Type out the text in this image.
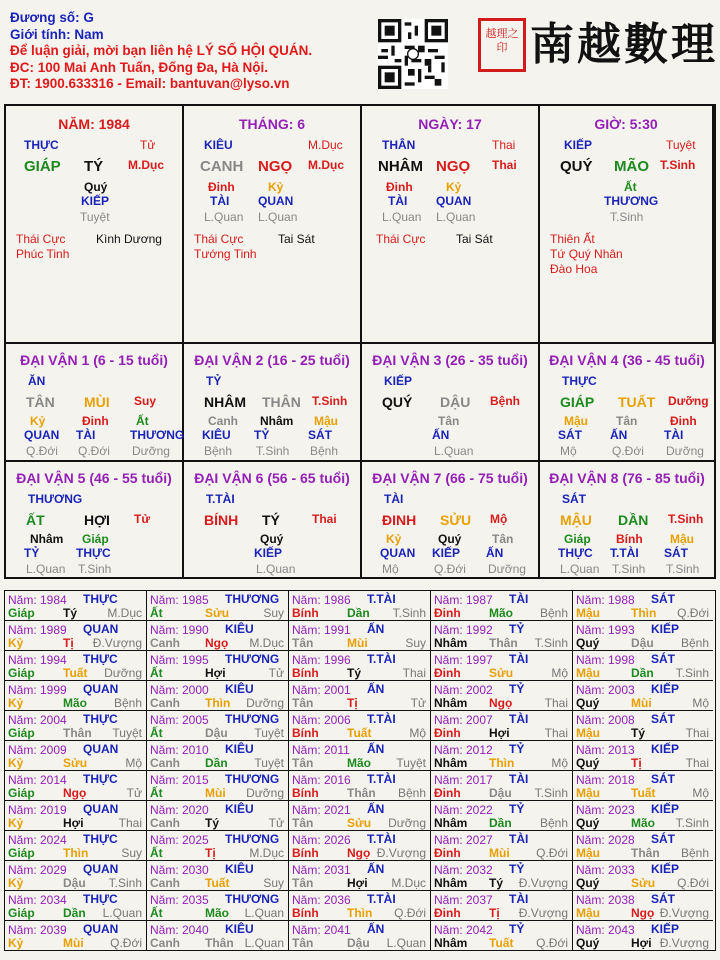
Đương số: G
Giới tính: Nam
Để luận giải, mời bạn liên hệ LÝ SỐ HỘI QUÁN.
ĐC: 100 Mai Anh Tuấn, Đống Đa, Hà Nội.
ĐT: 1900.633316 - Email: bantuvan@lyso.vn
越理之印 南越數理
NĂM: 1984
THỰC	Tử
GIÁP TÝ M.Dục
Quý
KIẾP
Tuyệt
Thái Cực
Phúc Tinh
Kình Dương
THÁNG: 6
KIÊU	M.Dục
CANH NGỌ M.Dục
Đinh	Kỷ
TÀI QUAN
L.Quan L.Quan
Thái Cực
Tướng Tinh
Tai Sát
NGÀY: 17
THÂN	Thai
NHÂM NGỌ Thai
Đinh	Kỷ
TÀI QUAN
L.Quan L.Quan
Thái Cực	Tai Sát
GIỜ: 5:30
KIẾP	Tuyệt
QUÝ MÃO T.Sinh
Ất
THƯƠNG
T.Sinh
Thiên Ất
Tứ Quý Nhân
Đào Hoa
ĐẠI VẬN 1 (6 - 15 tuổi)
ĂN
TÂN MÙI Suy
Kỷ
QUAN
Q.Đới
Đinh
TÀI
Q.Đới
Ất
THƯƠNG
Dưỡng
ĐẠI VẬN 2 (16 - 25 tuổi)
TỶ
NHÂM THÂN T.Sinh
Canh
KIÊU
Bệnh
Nhâm
TỶ
T.Sinh
Mậu
SÁT
Bệnh
ĐẠI VẬN 3 (26 - 35 tuổi)
KIẾP
QUÝ DẬU Bệnh
Tân
ẤN
L.Quan
ĐẠI VẬN 4 (36 - 45 tuổi)
THỰC
GIÁP TUẤT Dưỡng
Mậu
SÁT
Mộ
Tân
ẤN
Q.Đới
Đinh
TÀI
Dưỡng
ĐẠI VẬN 5 (46 - 55 tuổi)
THƯƠNG
ẤT	HỢI Tử
Nhâm
TỶ
L.Quan
Giáp
THỰC
T.Sinh
ĐẠI VẬN 6 (56 - 65 tuổi)
T.TÀI
BÍNH TÝ	Thai
Quý
KIẾP
L.Quan
ĐẠI VẬN 7 (66 - 75 tuổi)
TÀI
ĐINH SỬU Mộ
Kỷ
QUAN
Mộ
Quý
KIẾP
Q.Đới
Tân
ẤN
Dưỡng
ĐẠI VẬN 8 (76 - 85 tuổi)
SÁT
MẬU DẦN T.Sinh
Giáp
THỰC
L.Quan
Bính
T.TÀI
T.Sinh
Mậu
SÁT
T.Sinh
Năm: 1984 THỰC
Giáp Tý	M.Dục
Năm: 1985 THƯƠNG
Ất	Sửu	Suy
Năm: 1986 T.TÀI
Bính Dần T.Sinh
Năm: 1987 TÀI
Đinh Mão Bệnh
Năm: 1988 SÁT
Mậu	Thìn Q.Đới
Năm: 1989 QUAN
Kỷ	Tị Đ.Vượng
Năm: 1990 KIÊU
Canh Ngọ M.Dục
Năm: 1991 ẤN
Tân	Mùi	Suy
Năm: 1992 TỶ
Nhâm Thân T.Sinh
Năm: 1993 KIẾP
Quý	Dậu Bệnh
Năm: 1994 THỰC
Giáp Tuất Dưỡng
Năm: 1995 THƯƠNG
Ất	Hợi	Tử
Năm: 1996 T.TÀI
Bính Tý	Thai
Năm: 1997 TÀI
Đinh Sửu	Mộ
Năm: 1998 SÁT
Mậu	Dần T.Sinh
Năm: 1999 QUAN
Kỷ	Mão Bệnh
Năm: 2000 KIÊU
Canh Thìn Dưỡng
Năm: 2001 ẤN
Tân	Tị	Tử
Năm: 2002 TỶ
Nhâm Ngọ	Thai
Năm: 2003 KIẾP
Quý	Mùi	Mộ
Năm: 2004 THỰC
Giáp Thân Tuyệt
Năm: 2005 THƯƠNG
Ất	Dậu Tuyệt
Năm: 2006 T.TÀI
Bính Tuất	Mộ
Năm: 2007 TÀI
Đinh Hợi	Thai
Năm: 2008 SÁT
Mậu	Tý	Thai
Năm: 2009 QUAN
Kỷ	Sửu	Mộ
Năm: 2010 KIÊU
Canh Dần Tuyệt
Năm: 2011 ẤN
Tân	Mão Tuyệt
Năm: 2012 TỶ
Nhâm Thìn	Mộ
Năm: 2013 KIẾP
Quý	Tị	Thai
Năm: 2014 THỰC
Giáp Ngọ	Tử
Năm: 2015 THƯƠNG
Ất	Mùi Dưỡng
Năm: 2016 T.TÀI
Bính Thân Bệnh
Năm: 2017 TÀI
Đinh Dậu T.Sinh
Năm: 2018 SÁT
Mậu	Tuất	Mộ
Năm: 2019 QUAN
Kỷ	Hợi	Thai
Năm: 2020 KIÊU
Canh Tý	Tử
Năm: 2021 ẤN
Tân	Sửu Dưỡng
Năm: 2022 TỶ
Nhâm Dần Bệnh
Năm: 2023 KIẾP
Quý	Mão T.Sinh
Năm: 2024 THỰC
Giáp Thìn	Suy
Năm: 2025 THƯƠNG
Ất	Tị	M.Dục
Năm: 2026 T.TÀI
Bính Ngọ Đ.Vượng
Năm: 2027 TÀI
Đinh Mùi Q.Đới
Năm: 2028 SÁT
Mậu	Thân Bệnh
Năm: 2029 QUAN
Kỷ	Dậu T.Sinh
Năm: 2030 KIÊU
Canh Tuất	Suy
Năm: 2031 ẤN
Tân	Hợi M.Dục
Năm: 2032 TỶ
Nhâm Tý Đ.Vượng
Năm: 2033 KIẾP
Quý	Sửu Q.Đới
Năm: 2034 THỰC
Giáp Dần L.Quan
Năm: 2035 THƯƠNG
Ất	Mão L.Quan
Năm: 2036 T.TÀI
Bính Thìn Q.Đới
Năm: 2037 TÀI
Đinh Tị Đ.Vượng
Năm: 2038 SÁT
Mậu	Ngọ Đ.Vượng
Năm: 2039 QUAN
Kỷ	Mùi Q.Đới
Năm: 2040 KIÊU
Canh Thân L.Quan
Năm: 2041 ẤN
Tân	Dậu L.Quan
Năm: 2042 TỶ
Nhâm Tuất Q.Đới
Năm: 2043 KIẾP
Quý	Hợi Đ.Vượng
